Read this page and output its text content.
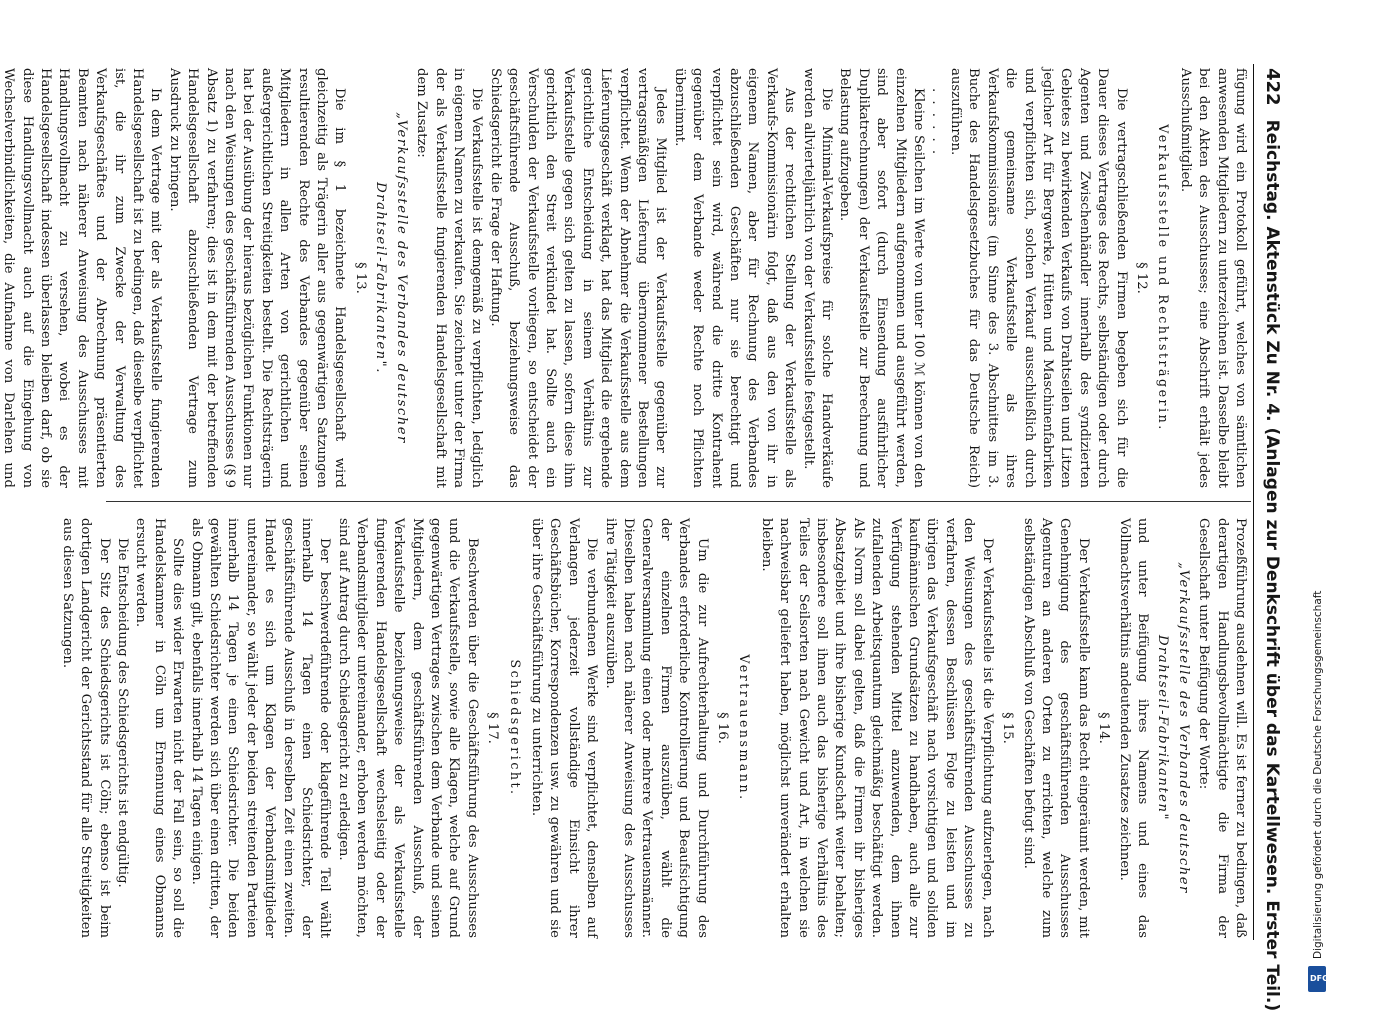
422
Reichstag. Aktenstück Zu Nr. 4. (Anlagen zur Denkschrift über das Kartellwesen. Erster Teil.)

fügung wird ein Protokoll geführt, welches von sämtlichen anwesenden Mitgliedern zu unterzeichnen ist. Dasselbe bleibt bei den Akten des Ausschusses; eine Abschrift erhält jedes Ausschußmitglied.

Verkaufsstelle und Rechtsträgerin.
§ 12.

Die vertragschließenden Firmen begeben sich für die Dauer dieses Vertrages des Rechts, selbständigen oder durch Agenten und Zwischenhändler innerhalb des syndizierten Gebietes zu bewirkenden Verkaufs von Drahtseilen und Litzen jeglicher Art für Bergwerke, Hütten und Maschinenfabriken und verpflichten sich, solchen Verkauf ausschließlich durch die gemeinsame Verkaufsstelle als ihres Verkaufskommissionärs (im Sinne des 3. Abschnittes im 3. Buche des Handelsgesetzbuches für das Deutsche Reich) auszuführen.

. . . . . .

Kleine Seilchen im Werte von unter 100 ℳ können von den einzelnen Mitgliedern aufgenommen und ausgeführt werden, sind aber sofort (durch Einsendung ausführlicher Duplikatrechnungen) der Verkaufsstelle zur Berechnung und Belastung aufzugeben.

Die Minimal-Verkaufspreise für solche Handverkäufe werden allvierteljährlich von der Verkaufsstelle festgestellt.

Aus der rechtlichen Stellung der Verkaufsstelle als Verkaufs-Kommissionärin folgt, daß aus den von ihr in eigenem Namen, aber für Rechnung des Verbandes abzuschließenden Geschäften nur sie berechtigt und verpflichtet sein wird, während die dritte Kontrahent gegenüber dem Verbande weder Rechte noch Pflichten übernimmt.

Jedes Mitglied ist der Verkaufsstelle gegenüber zur vertragsmäßigen Lieferung übernommener Bestellungen verpflichtet. Wenn der Abnehmer die Verkaufsstelle aus dem Lieferungsgeschäft verklagt, hat das Mitglied die ergehende gerichtliche Entscheidung in seinem Verhältnis zur Verkaufsstelle gegen sich gelten zu lassen, sofern diese ihm gerichtlich den Streit verkündet hat. Sollte auch ein Verschulden der Verkaufsstelle vorliegen, so entscheidet der geschäftsführende Ausschuß, beziehungsweise das Schiedsgericht die Frage der Haftung.

Die Verkaufsstelle ist demgemäß zu verpflichten, lediglich in eigenem Namen zu verkaufen. Sie zeichnet unter der Firma der als Verkaufsstelle fungierenden Handelsgesellschaft mit dem Zusatze:

„Verkaufsstelle des Verbandes deutscher
Drahtseil-Fabrikanten".
§ 13.

Die im § 1 bezeichnete Handelsgesellschaft wird gleichzeitig als Trägerin aller aus gegenwärtigen Satzungen resultierenden Rechte des Verbandes gegenüber seinen Mitgliedern in allen Arten von gerichtlichen und außergerichtlichen Streitigkeiten bestellt. Die Rechtsträgerin hat bei der Ausübung der hieraus bezüglichen Funktionen nur nach den Weisungen des geschäftsführenden Ausschusses (§ 9 Absatz 1) zu verfahren; dies ist in dem mit der betreffenden Handelsgesellschaft abzuschließenden Vertrage zum Ausdruck zu bringen.

In dem Vertrage mit der als Verkaufsstelle fungierenden Handelsgesellschaft ist zu bedingen, daß dieselbe verpflichtet ist, die ihr zum Zwecke der Verwaltung des Verkaufsgeschäftes und der Abrechnung präsentierten Beamten nach näherer Anweisung des Ausschusses mit Handlungsvollmacht zu versehen, wobei es der Handelsgesellschaft indessen überlassen bleiben darf, ob sie diese Handlungsvollmacht auch auf die Eingehung von Wechselverbindlichkeiten, die Aufnahme von Darlehen und

Prozeßführung ausdehnen will. Es ist ferner zu bedingen, daß derartigen Handlungsbevollmächtigte die Firma der Gesellschaft unter Beifügung der Worte:

„Verkaufsstelle des Verbandes deutscher
Drahtseil-Fabrikanten"

und unter Beifügung ihres Namens und eines das Vollmachtsverhältnis andeutenden Zusatzes zeichnen.

§ 14.

Der Verkaufsstelle kann das Recht eingeräumt werden, mit Genehmigung des geschäftsführenden Ausschusses Agenturen an anderen Orten zu errichten, welche zum selbständigen Abschluß von Geschäften befugt sind.

§ 15.

Der Verkaufsstelle ist die Verpflichtung aufzuerlegen, nach den Weisungen des geschäftsführenden Ausschusses zu verfahren, dessen Beschlüssen Folge zu leisten und im übrigen das Verkaufsgeschäft nach vorsichtigen und soliden kaufmännischen Grundsätzen zu handhaben, auch alle zur Verfügung stehenden Mittel anzuwenden, dem ihnen zufallenden Arbeitsquantum gleichmäßig beschäftigt werden. Als Norm soll dabei gelten, daß die Firmen ihr bisheriges Absatzgebiet und ihre bisherige Kundschaft weiter behalten; insbesondere soll ihnen auch das bisherige Verhältnis des Teiles der Seilsorten nach Gewicht und Art, in welchen sie nachweisbar geliefert haben, möglichst unverändert erhalten bleiben.

Vertrauensmann.
§ 16.

Um die zur Aufrechterhaltung und Durchführung des Verbandes erforderliche Kontrollierung und Beaufsichtigung der einzelnen Firmen auszuüben, wählt die Generalversammlung einen oder mehrere Vertrauensmänner. Dieselben haben nach näherer Anweisung des Ausschusses ihre Tätigkeit auszuüben.

Die verbundenen Werke sind verpflichtet, denselben auf Verlangen jederzeit vollständige Einsicht ihrer Geschäftsbücher, Korrespondenzen usw. zu gewähren und sie über ihre Geschäftsführung zu unterrichten.

Schiedsgericht.
§ 17.

Beschwerden über die Geschäftsführung des Ausschusses und die Verkaufsstelle, sowie alle Klagen, welche auf Grund gegenwärtigen Vertrages zwischen dem Verbande und seinen Mitgliedern, dem geschäftsführenden Ausschuß, der Verkaufsstelle beziehungsweise der als Verkaufsstelle fungierenden Handelsgesellschaft wechselseitig oder der Verbandsmitglieder untereinander, erhoben werden möchten, sind auf Antrag durch Schiedsgericht zu erledigen.

Der beschwerdeführende oder klageführende Teil wählt innerhalb 14 Tagen einen Schiedsrichter, der geschäftsführende Ausschuß in derselben Zeit einen zweiten. Handelt es sich um Klagen der Verbandsmitglieder untereinander, so wählt jeder der beiden streitenden Parteien innerhalb 14 Tagen je einen Schiedsrichter. Die beiden gewählten Schiedsrichter werden sich über einen dritten, der als Obmann gilt, ebenfalls innerhalb 14 Tagen einigen.

Sollte dies wider Erwarten nicht der Fall sein, so soll die Handelskammer in Cöln um Ernennung eines Obmanns ersucht werden.

Die Entscheidung des Schiedsgerichts ist endgültig.

Der Sitz des Schiedsgerichts ist Cöln; ebenso ist beim dortigen Landgericht der Gerichtsstand für alle Streitigkeiten aus diesen Satzungen.	Digitalisierung gefördert durch die Deutsche Forschungsgemeinschaft
DFG
